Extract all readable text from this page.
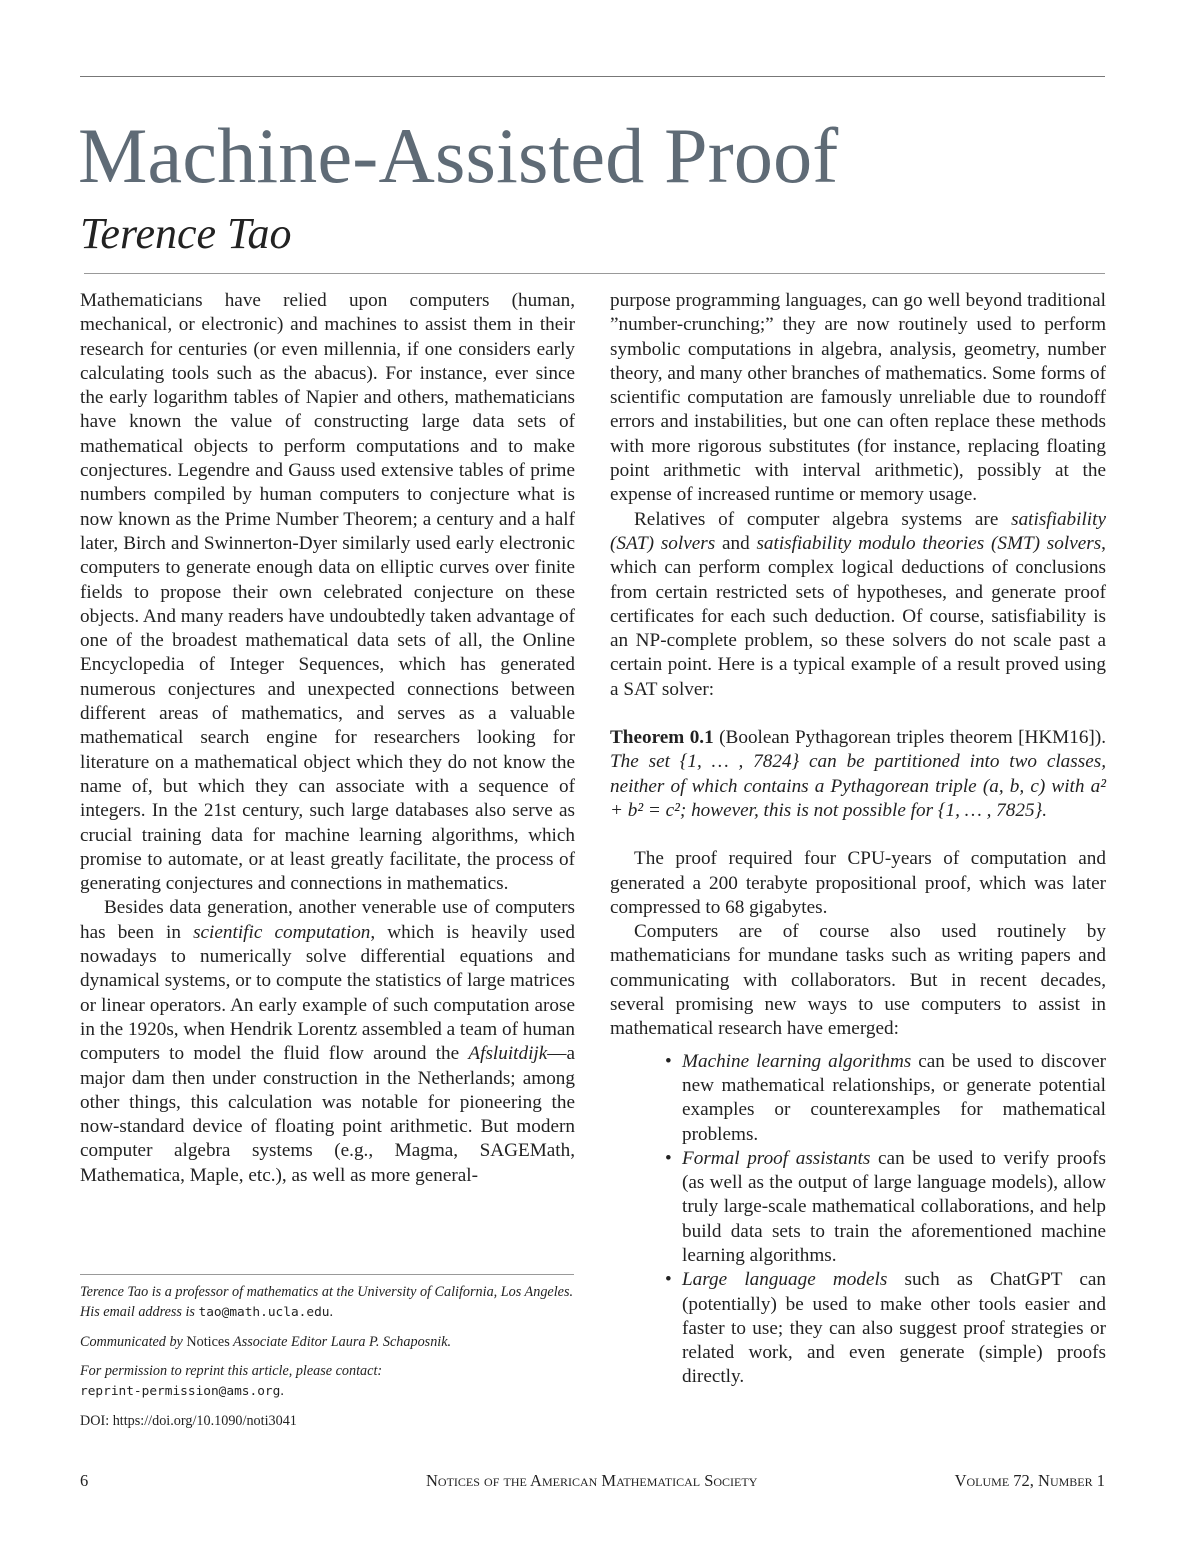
Machine-Assisted Proof
Terence Tao

Mathematicians have relied upon computers (human, mechanical, or electronic) and machines to assist them in their research for centuries (or even millennia, if one considers early calculating tools such as the abacus). For instance, ever since the early logarithm tables of Napier and others, mathematicians have known the value of constructing large data sets of mathematical objects to perform computations and to make conjectures. Legendre and Gauss used extensive tables of prime numbers compiled by human computers to conjecture what is now known as the Prime Number Theorem; a century and a half later, Birch and Swinnerton-Dyer similarly used early electronic computers to generate enough data on elliptic curves over finite fields to propose their own celebrated conjecture on these objects. And many readers have undoubtedly taken advantage of one of the broadest mathematical data sets of all, the Online Encyclopedia of Integer Sequences, which has generated numerous conjectures and unexpected connections between different areas of mathematics, and serves as a valuable mathematical search engine for researchers looking for literature on a mathematical object which they do not know the name of, but which they can associate with a sequence of integers. In the 21st century, such large databases also serve as crucial training data for machine learning algorithms, which promise to automate, or at least greatly facilitate, the process of generating conjectures and connections in mathematics.

Besides data generation, another venerable use of computers has been in scientific computation, which is heavily used nowadays to numerically solve differential equations and dynamical systems, or to compute the statistics of large matrices or linear operators. An early example of such computation arose in the 1920s, when Hendrik Lorentz assembled a team of human computers to model the fluid flow around the Afsluitdijk—a major dam then under construction in the Netherlands; among other things, this calculation was notable for pioneering the now-standard device of floating point arithmetic. But modern computer algebra systems (e.g., Magma, SAGEMath, Mathematica, Maple, etc.), as well as more general-

Terence Tao is a professor of mathematics at the University of California, Los Angeles. His email address is tao@math.ucla.edu.

Communicated by Notices Associate Editor Laura P. Schaposnik.

For permission to reprint this article, please contact:
reprint-permission@ams.org.

DOI: https://doi.org/10.1090/noti3041

purpose programming languages, can go well beyond traditional ”number-crunching;” they are now routinely used to perform symbolic computations in algebra, analysis, geometry, number theory, and many other branches of mathematics. Some forms of scientific computation are famously unreliable due to roundoff errors and instabilities, but one can often replace these methods with more rigorous substitutes (for instance, replacing floating point arithmetic with interval arithmetic), possibly at the expense of increased runtime or memory usage.

Relatives of computer algebra systems are satisfiability (SAT) solvers and satisfiability modulo theories (SMT) solvers, which can perform complex logical deductions of conclusions from certain restricted sets of hypotheses, and generate proof certificates for each such deduction. Of course, satisfiability is an NP-complete problem, so these solvers do not scale past a certain point. Here is a typical example of a result proved using a SAT solver:

Theorem 0.1 (Boolean Pythagorean triples theorem [HKM16]). The set {1, … , 7824} can be partitioned into two classes, neither of which contains a Pythagorean triple (a, b, c) with a² + b² = c²; however, this is not possible for {1, … , 7825}.

The proof required four CPU-years of computation and generated a 200 terabyte propositional proof, which was later compressed to 68 gigabytes.

Computers are of course also used routinely by mathematicians for mundane tasks such as writing papers and communicating with collaborators. But in recent decades, several promising new ways to use computers to assist in mathematical research have emerged:

• Machine learning algorithms can be used to discover new mathematical relationships, or generate potential examples or counterexamples for mathematical problems.
• Formal proof assistants can be used to verify proofs (as well as the output of large language models), allow truly large-scale mathematical collaborations, and help build data sets to train the aforementioned machine learning algorithms.
• Large language models such as ChatGPT can (potentially) be used to make other tools easier and faster to use; they can also suggest proof strategies or related work, and even generate (simple) proofs directly.
6	Notices of the American Mathematical Society	Volume 72, Number 1
